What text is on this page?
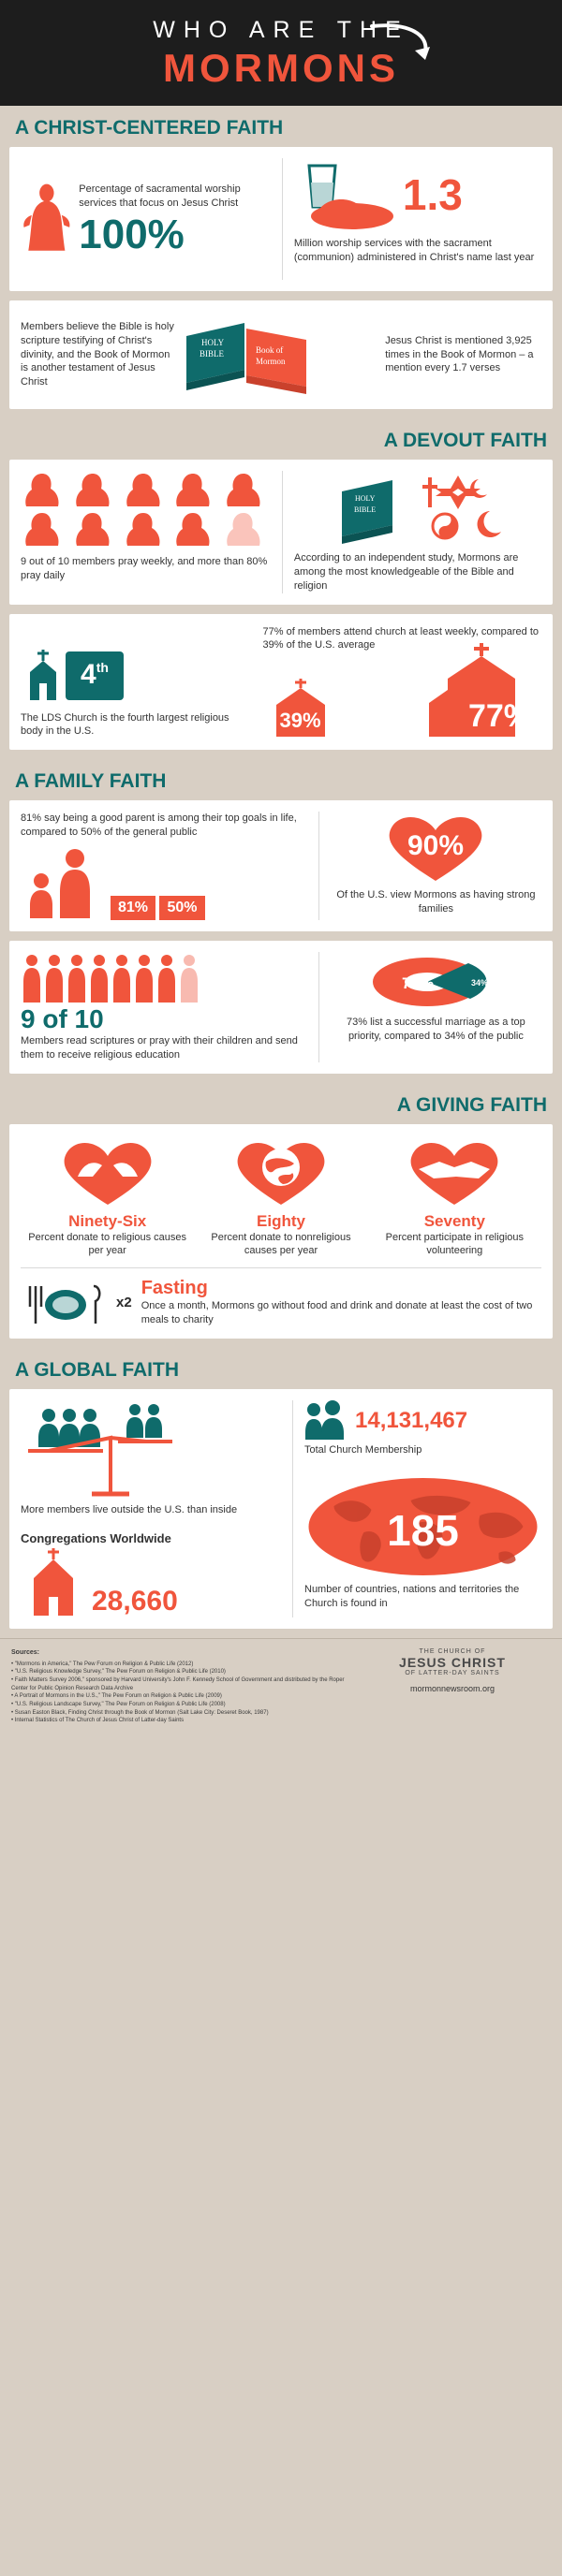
WHO ARE THE
MORMONS
A CHRIST-CENTERED FAITH
Percentage of sacramental worship services that focus on Jesus Christ
100%
1.3
Million worship services with the sacrament (communion) administered in Christ's name last year
Members believe the Bible is holy scripture testifying of Christ's divinity, and the Book of Mormon is another testament of Jesus Christ
HOLY
BIBLE	Book of
Mormon
Jesus Christ is mentioned 3,925 times in the Book of Mormon – a mention every 1.7 verses
A DEVOUT FAITH
9 out of 10 members pray weekly, and more than 80% pray daily
HOLY
BIBLE
According to an independent study, Mormons are among the most knowledgeable of the Bible and religion
4th
The LDS Church is the fourth largest religious body in the U.S.
77% of members attend church at least weekly, compared to 39% of the U.S. average
39%	77%
A FAMILY FAITH
81% say being a good parent is among their top goals in life, compared to 50% of the general public
81% 50%
90%
Of the U.S. view Mormons as having strong families
9 of 10
Members read scriptures or pray with their children and send them to receive religious education
73%	34%
73% list a successful marriage as a top priority, compared to 34% of the public
A GIVING FAITH
Ninety-Six
Percent donate to religious causes per year
Eighty
Percent donate to nonreligious causes per year
Seventy
Percent participate in religious volunteering
x2
Fasting
Once a month, Mormons go without food and drink and donate at least the cost of two meals to charity
A GLOBAL FAITH
More members live outside the U.S. than inside
Congregations Worldwide
28,660
14,131,467
Total Church Membership
185
Number of countries, nations and territories the Church is found in
Sources:
• "Mormons in America," The Pew Forum on Religion & Public Life (2012)
• "U.S. Religious Knowledge Survey," The Pew Forum on Religion & Public Life (2010)
• Faith Matters Survey 2006," sponsored by Harvard University's John F. Kennedy School of Government and distributed by the Roper Center for Public Opinion Research Data Archive
• A Portrait of Mormons in the U.S.," The Pew Forum on Religion & Public Life (2009)
• "U.S. Religious Landscape Survey," The Pew Forum on Religion & Public Life (2008)
• Susan Easton Black, Finding Christ through the Book of Mormon (Salt Lake City: Deseret Book, 1987)
• Internal Statistics of The Church of Jesus Christ of Latter-day Saints
THE CHURCH OF
JESUS CHRIST
OF LATTER-DAY SAINTS
mormonnewsroom.org
